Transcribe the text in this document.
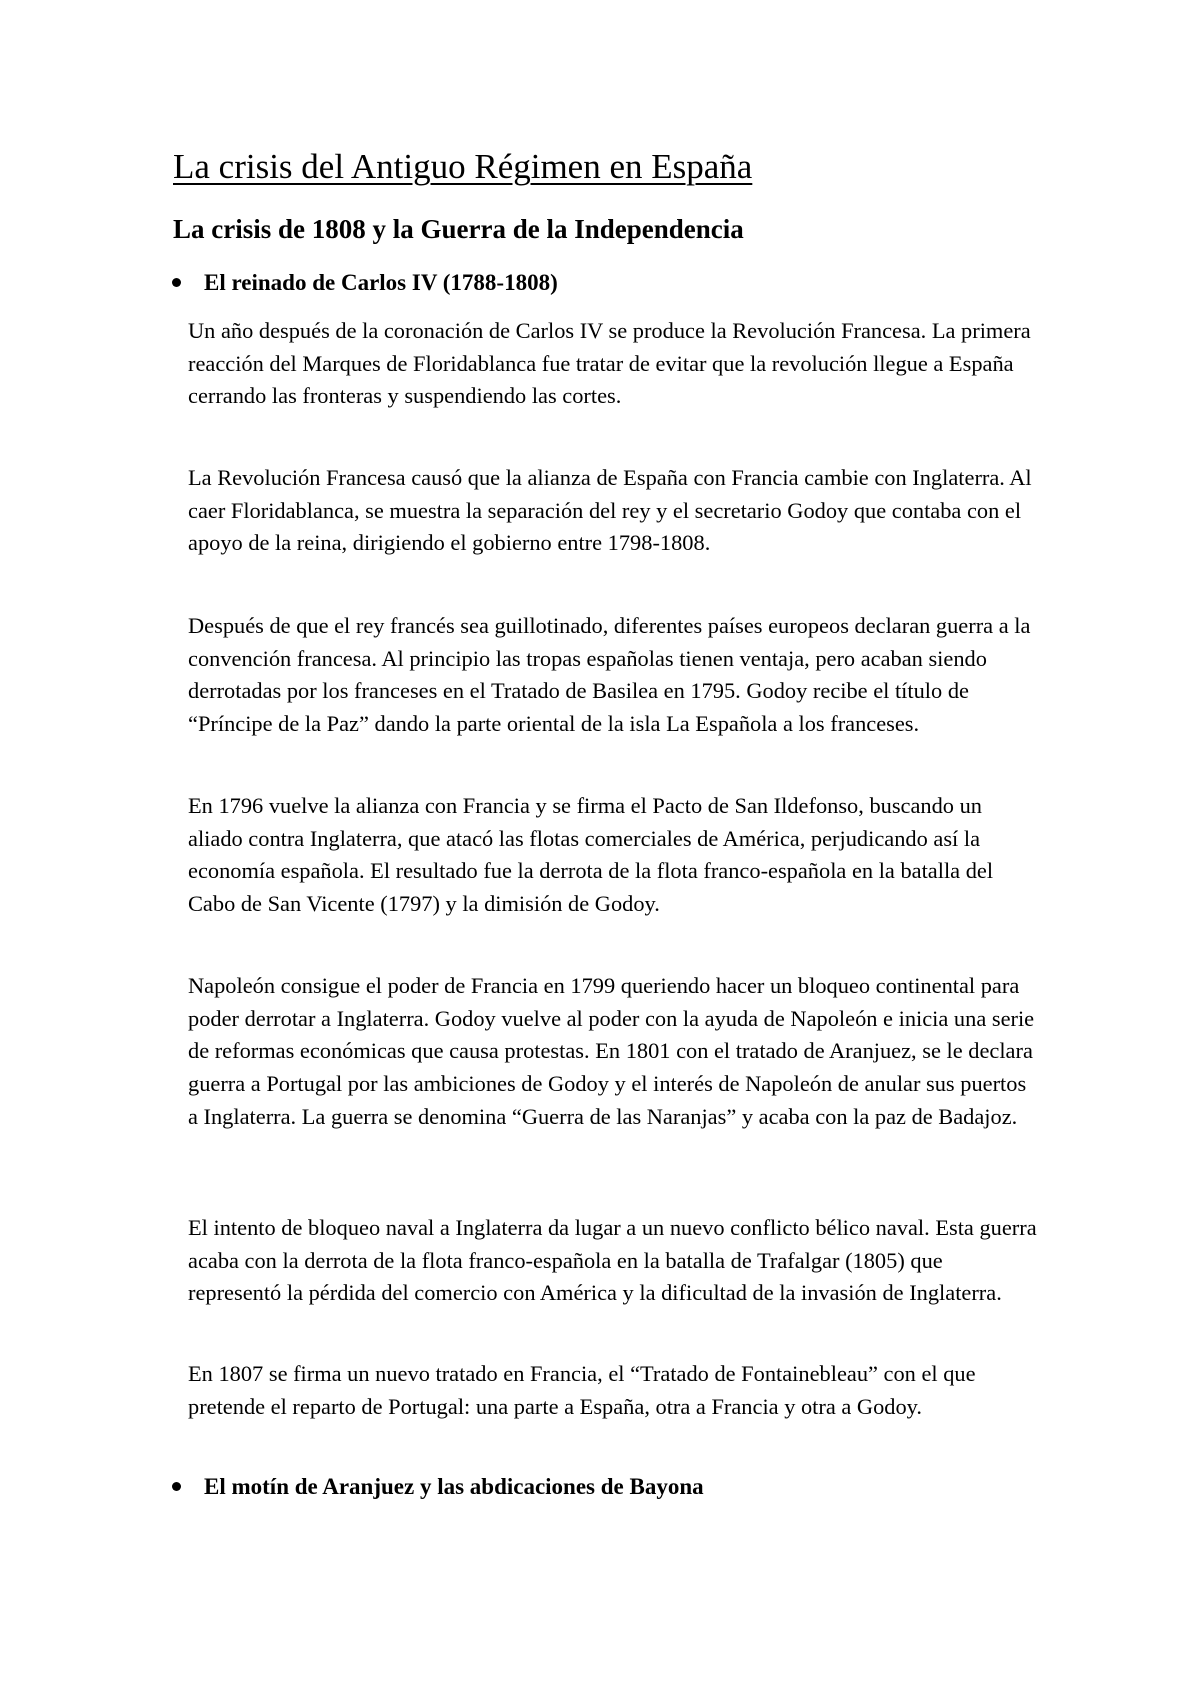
La crisis del Antiguo Régimen en España
La crisis de 1808 y la Guerra de la Independencia
El reinado de Carlos IV (1788-1808)

Un año después de la coronación de Carlos IV se produce la Revolución Francesa. La primera reacción del Marques de Floridablanca fue tratar de evitar que la revolución llegue a España cerrando las fronteras y suspendiendo las cortes.

La Revolución Francesa causó que la alianza de España con Francia cambie con Inglaterra. Al caer Floridablanca, se muestra la separación del rey y el secretario Godoy que contaba con el apoyo de la reina, dirigiendo el gobierno entre 1798-1808.

Después de que el rey francés sea guillotinado, diferentes países europeos declaran guerra a la convención francesa. Al principio las tropas españolas tienen ventaja, pero acaban siendo derrotadas por los franceses en el Tratado de Basilea en 1795. Godoy recibe el título de “Príncipe de la Paz” dando la parte oriental de la isla La Española a los franceses.

En 1796 vuelve la alianza con Francia y se firma el Pacto de San Ildefonso, buscando un aliado contra Inglaterra, que atacó las flotas comerciales de América, perjudicando así la economía española. El resultado fue la derrota de la flota franco-española en la batalla del Cabo de San Vicente (1797) y la dimisión de Godoy.

Napoleón consigue el poder de Francia en 1799 queriendo hacer un bloqueo continental para poder derrotar a Inglaterra. Godoy vuelve al poder con la ayuda de Napoleón e inicia una serie de reformas económicas que causa protestas. En 1801 con el tratado de Aranjuez, se le declara guerra a Portugal por las ambiciones de Godoy y el interés de Napoleón de anular sus puertos a Inglaterra. La guerra se denomina “Guerra de las Naranjas” y acaba con la paz de Badajoz.

El intento de bloqueo naval a Inglaterra da lugar a un nuevo conflicto bélico naval. Esta guerra acaba con la derrota de la flota franco-española en la batalla de Trafalgar (1805) que representó la pérdida del comercio con América y la dificultad de la invasión de Inglaterra.

En 1807 se firma un nuevo tratado en Francia, el “Tratado de Fontainebleau” con el que pretende el reparto de Portugal: una parte a España, otra a Francia y otra a Godoy.

El motín de Aranjuez y las abdicaciones de Bayona
